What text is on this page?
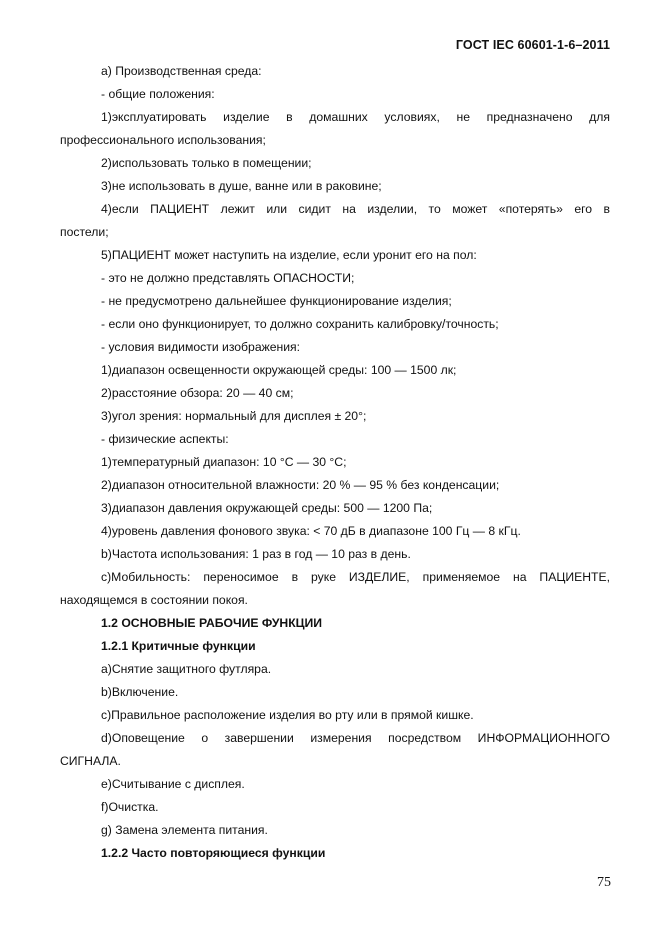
ГОСТ IEC 60601-1-6–2011
a) Производственная среда:
- общие положения:
1)эксплуатировать изделие в домашних условиях, не предназначено для
профессионального использования;
2)использовать только в помещении;
3)не использовать в душе, ванне или в раковине;
4)если ПАЦИЕНТ лежит или сидит на изделии, то может «потерять» его в
постели;
5)ПАЦИЕНТ может наступить на изделие, если уронит его на пол:
- это не должно представлять ОПАСНОСТИ;
- не предусмотрено дальнейшее функционирование изделия;
- если оно функционирует, то должно сохранить калибровку/точность;
- условия видимости изображения:
1)диапазон освещенности окружающей среды: 100 — 1500 лк;
2)расстояние обзора: 20 — 40 см;
3)угол зрения: нормальный для дисплея ± 20°;
- физические аспекты:
1)температурный диапазон: 10 °С — 30 °С;
2)диапазон относительной влажности: 20 % — 95 % без конденсации;
3)диапазон давления окружающей среды: 500 — 1200 Па;
4)уровень давления фонового звука: < 70 дБ в диапазоне 100 Гц — 8 кГц.
b)Частота использования: 1 раз в год — 10 раз в день.
c)Мобильность: переносимое в руке ИЗДЕЛИЕ, применяемое на ПАЦИЕНТЕ,
находящемся в состоянии покоя.
1.2 ОСНОВНЫЕ РАБОЧИЕ ФУНКЦИИ
1.2.1 Критичные функции
a)Снятие защитного футляра.
b)Включение.
c)Правильное расположение изделия во рту или в прямой кишке.
d)Оповещение о завершении измерения посредством ИНФОРМАЦИОННОГО
СИГНАЛА.
e)Считывание с дисплея.
f)Очистка.
g) Замена элемента питания.
1.2.2 Часто повторяющиеся функции
75
